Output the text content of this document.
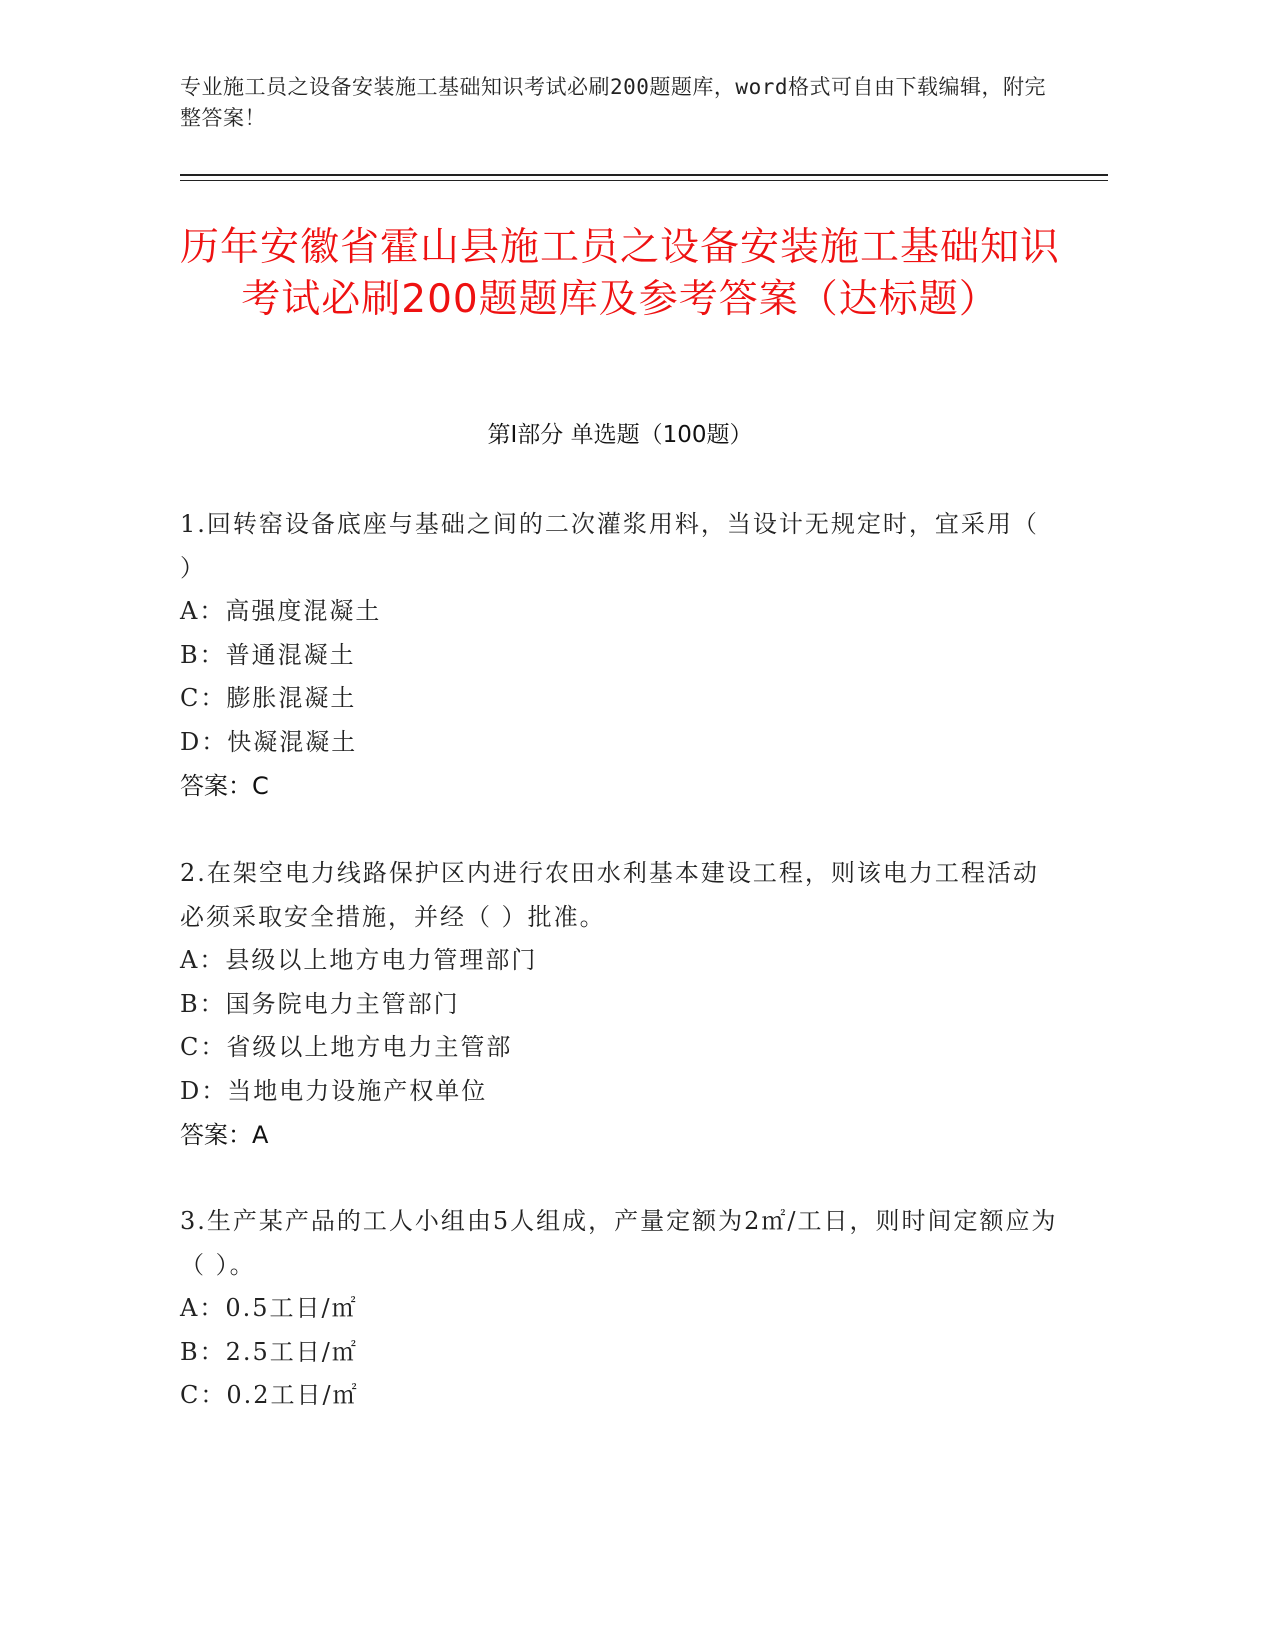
专业施工员之设备安装施工基础知识考试必刷200题题库，word格式可自由下载编辑，附完整答案！
历年安徽省霍山县施工员之设备安装施工基础知识考试必刷200题题库及参考答案（达标题）
第Ⅰ部分 单选题（100题）

1.回转窑设备底座与基础之间的二次灌浆用料，当设计无规定时，宜采用（ ）

A：高强度混凝土

B：普通混凝土

C：膨胀混凝土

D：快凝混凝土

答案：C

2.在架空电力线路保护区内进行农田水利基本建设工程，则该电力工程活动必须采取安全措施，并经（ ）批准。

A：县级以上地方电力管理部门

B：国务院电力主管部门

C：省级以上地方电力主管部

D：当地电力设施产权单位

答案：A

3.生产某产品的工人小组由5人组成，产量定额为2㎡/工日，则时间定额应为（ ）。

A：0.5工日/㎡

B：2.5工日/㎡

C：0.2工日/㎡
